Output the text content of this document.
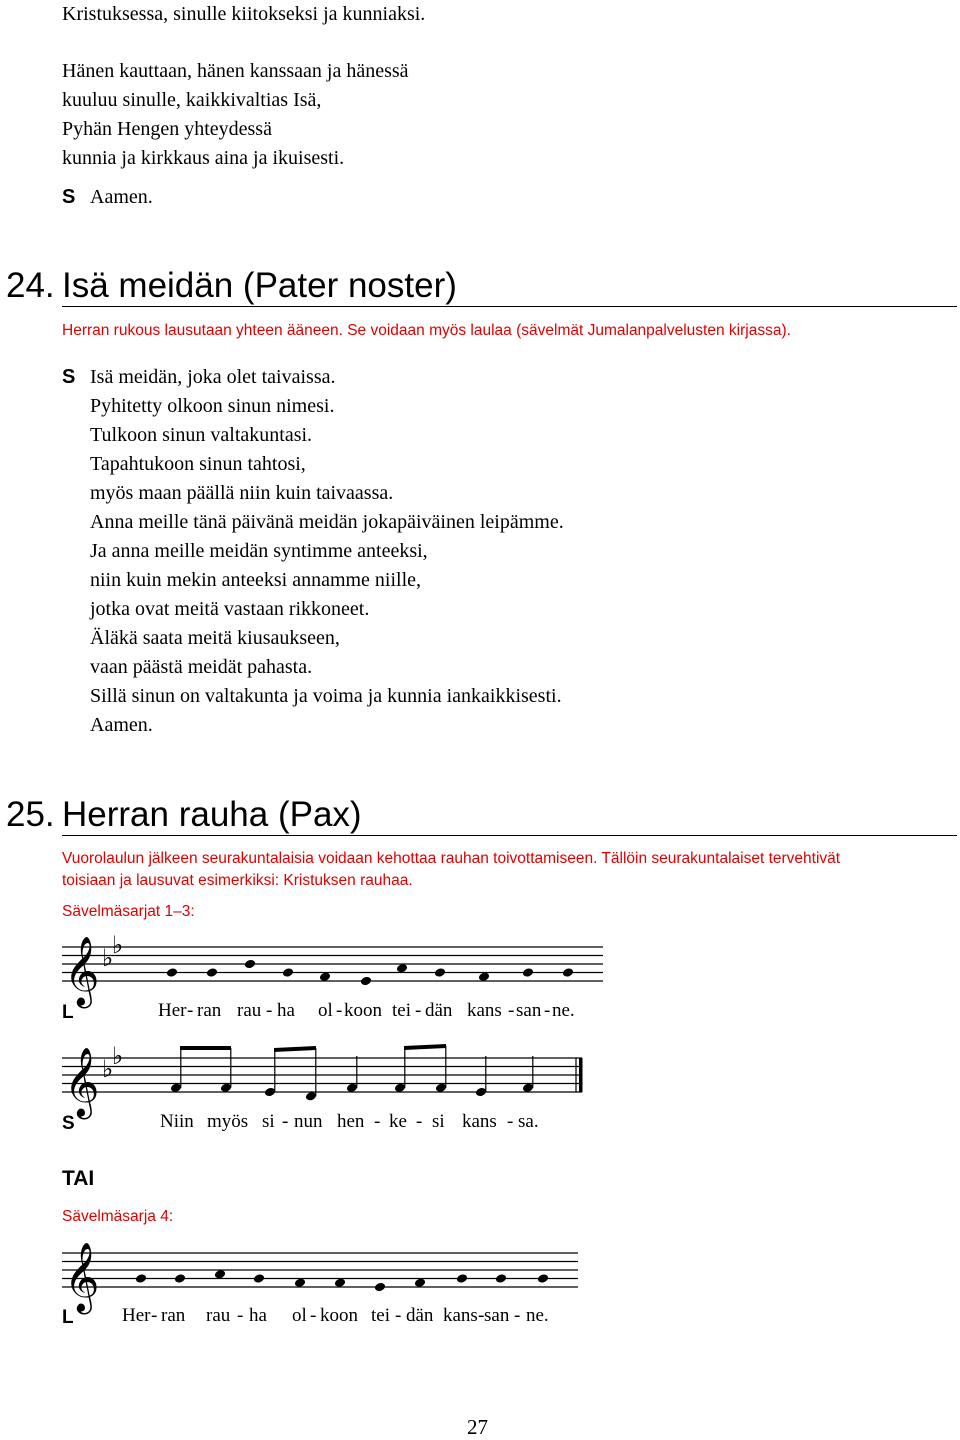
Kristuksessa, sinulle kiitokseksi ja kunniaksi.
Hänen kauttaan, hänen kanssaan ja hänessä
kuuluu sinulle, kaikkivaltias Isä,
Pyhän Hengen yhteydessä
kunnia ja kirkkaus aina ja ikuisesti.
S Aamen.
24. Isä meidän (Pater noster)
Herran rukous lausutaan yhteen ääneen. Se voidaan myös laulaa (sävelmät Jumalanpalvelusten kirjassa).
S Isä meidän, joka olet taivaissa.
Pyhitetty olkoon sinun nimesi.
Tulkoon sinun valtakuntasi.
Tapahtukoon sinun tahtosi,
myös maan päällä niin kuin taivaassa.
Anna meille tänä päivänä meidän jokapäiväinen leipämme.
Ja anna meille meidän syntimme anteeksi,
niin kuin mekin anteeksi annamme niille,
jotka ovat meitä vastaan rikkoneet.
Äläkä saata meitä kiusaukseen,
vaan päästä meidät pahasta.
Sillä sinun on valtakunta ja voima ja kunnia iankaikkisesti.
Aamen.
25. Herran rauha (Pax)
Vuorolaulun jälkeen seurakuntalaisia voidaan kehottaa rauhan toivottamiseen. Tällöin seurakuntalaiset tervehtivät
toisiaan ja lausuvat esimerkiksi: Kristuksen rauhaa.
Sävelmäsarjat 1–3:
𝄞 ♭
♭
𝄞 ♭
♭
𝄞
L	Her - ran rau - ha ol - koon tei - dän kans - san - ne.
S	Niin myös si - nun hen - ke - si kans - sa.
TAI
Sävelmäsarja 4:
L	Her - ran rau - ha ol - koon tei - dän kans - san - ne.
27
